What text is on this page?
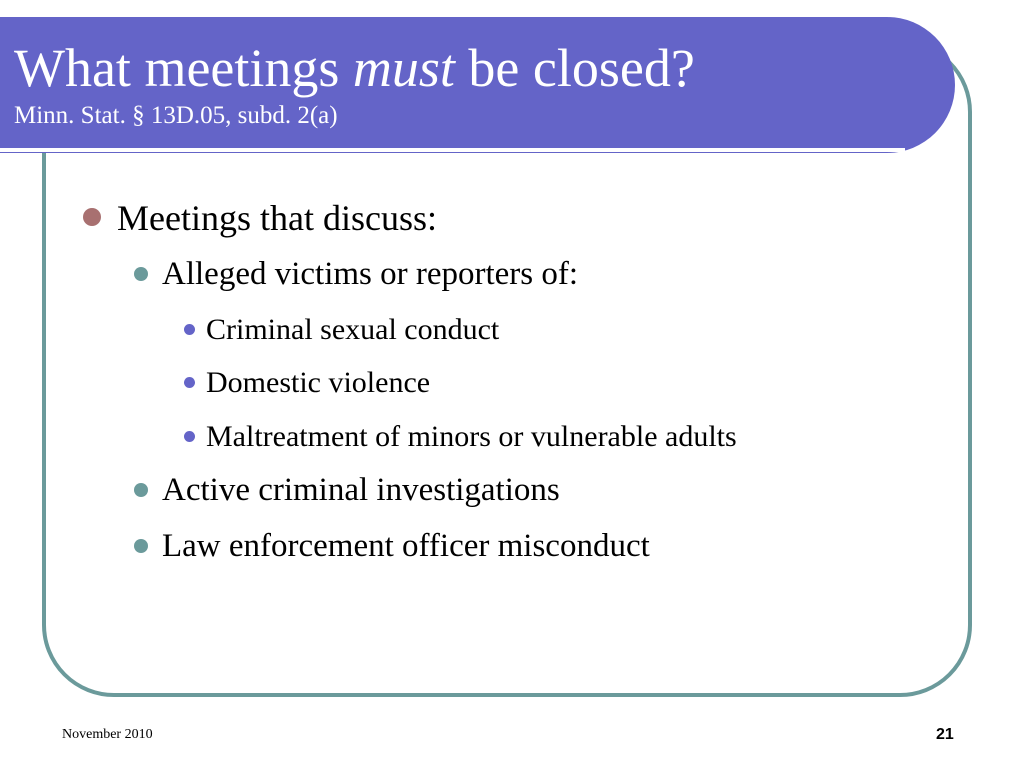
What meetings must be closed?
Minn. Stat. § 13D.05, subd. 2(a)
Meetings that discuss:
Alleged victims or reporters of:
Criminal sexual conduct
Domestic violence
Maltreatment of minors or vulnerable adults
Active criminal investigations
Law enforcement officer misconduct
November 2010	21
